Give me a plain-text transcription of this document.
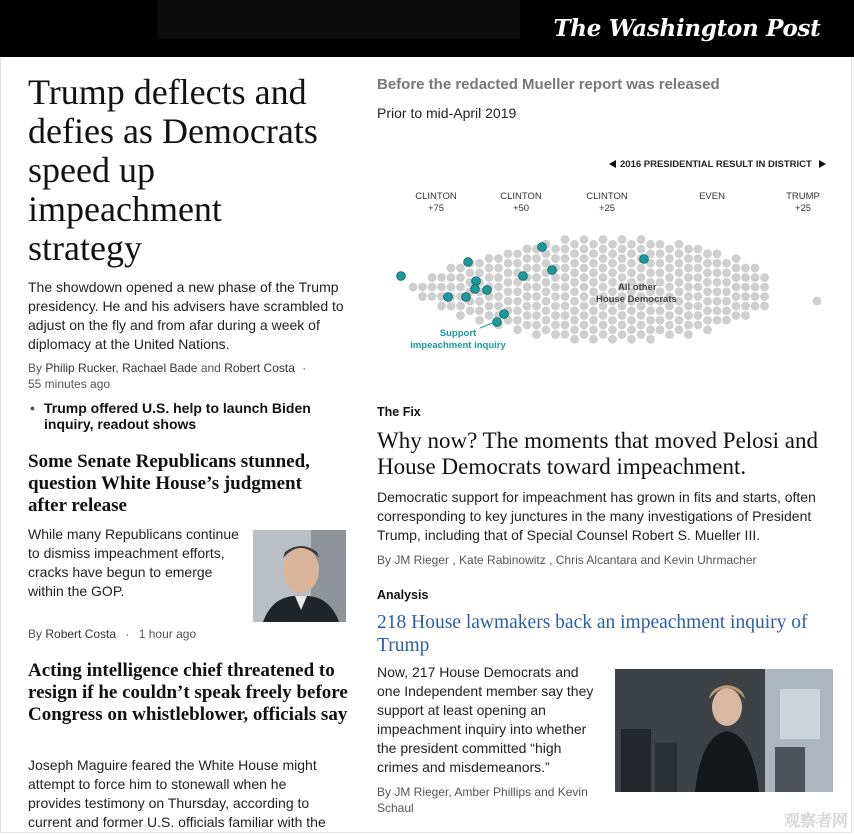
The Washington Post
Trump deflects and defies as Democrats speed up impeachment strategy

The showdown opened a new phase of the Trump presidency. He and his advisers have scrambled to adjust on the fly and from afar during a week of diplomacy at the United Nations.

By Philip Rucker, Rachael Bade and Robert Costa ·
55 minutes ago
• Trump offered U.S. help to launch Biden inquiry, readout shows
Some Senate Republicans stunned, question White House’s judgment after release

While many Republicans continue to dismiss impeachment efforts, cracks have begun to emerge within the GOP.

By Robert Costa · 1 hour ago
Acting intelligence chief threatened to resign if he couldn’t speak freely before Congress on whistleblower, officials say

Joseph Maguire feared the White House might attempt to force him to stonewall when he provides testimony on Thursday, according to current and former U.S. officials familiar with the

Before the redacted Mueller report was released
Prior to mid-April 2019
2016 PRESIDENTIAL RESULT IN DISTRICT
CLINTON
+75
CLINTON
+50
CLINTON
+25
EVEN	TRUMP
+25
All other
House Democrats
Support
impeachment inquiry
The Fix
Why now? The moments that moved Pelosi and House Democrats toward impeachment.

Democratic support for impeachment has grown in fits and starts, often corresponding to key junctures in the many investigations of President Trump, including that of Special Counsel Robert S. Mueller III.

By JM Rieger , Kate Rabinowitz , Chris Alcantara and Kevin Uhrmacher
Analysis
218 House lawmakers back an impeachment inquiry of Trump

Now, 217 House Democrats and one Independent member say they support at least opening an impeachment inquiry into whether the president committed “high crimes and misdemeanors.”

By JM Rieger, Amber Phillips and Kevin
Schaul
观察者网
